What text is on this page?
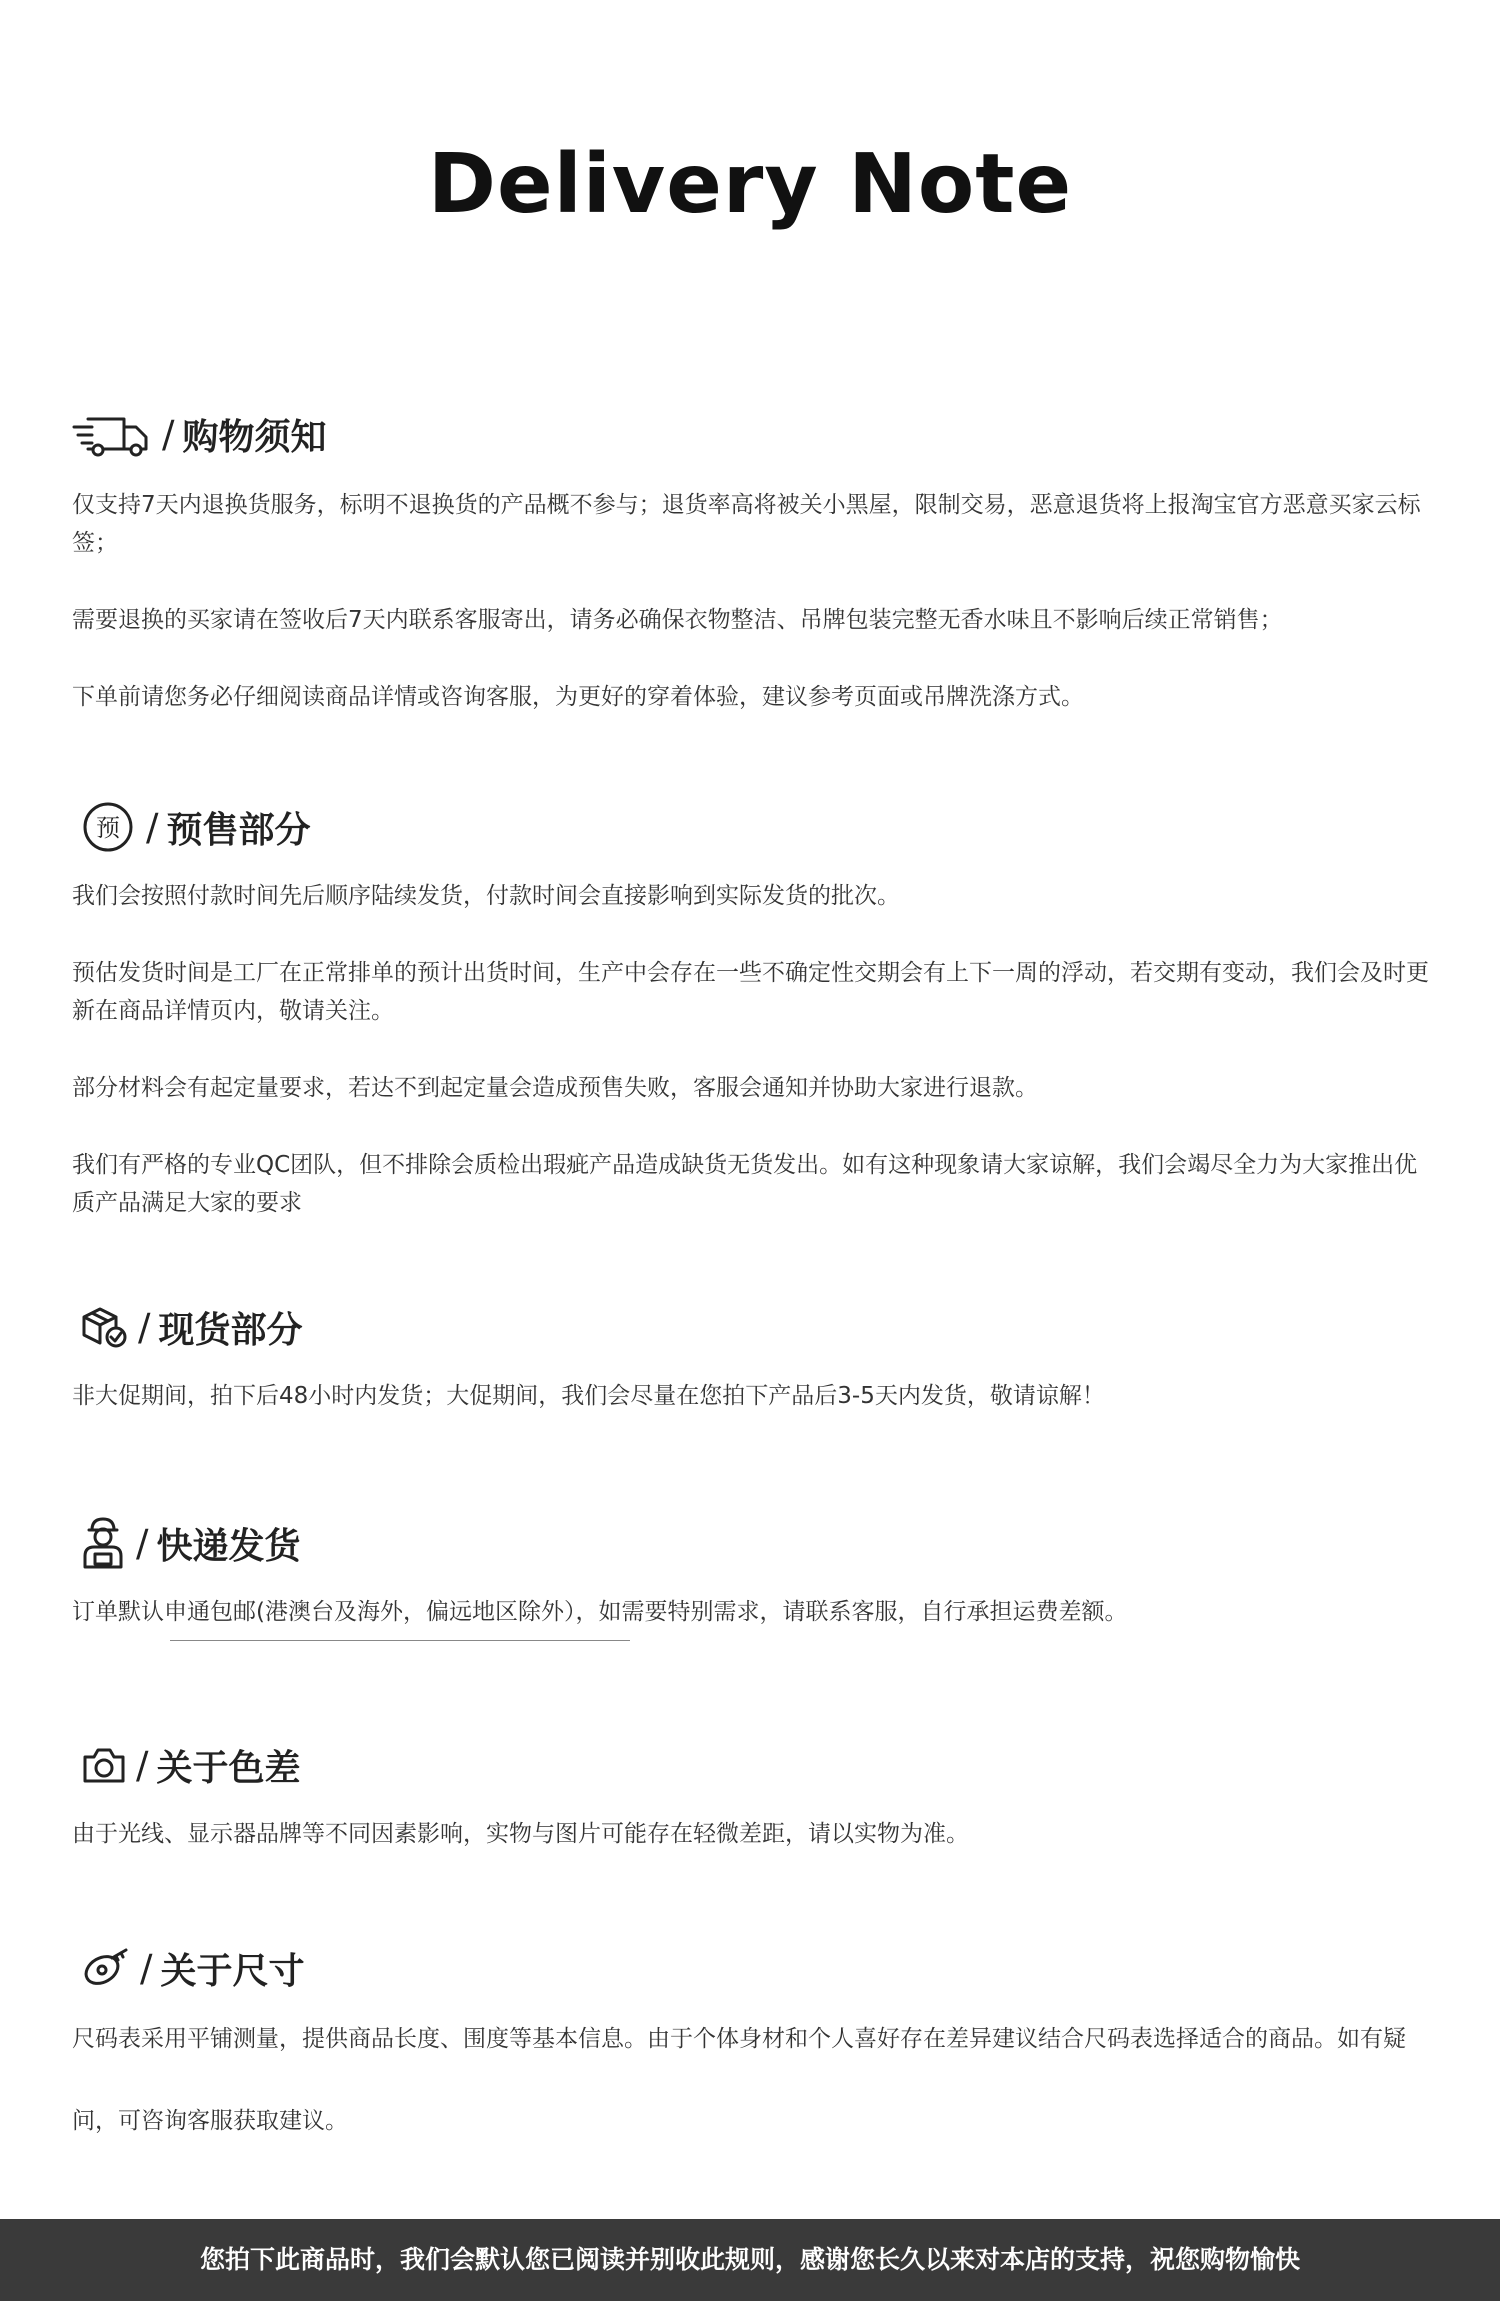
Delivery Note
/ 购物须知

仅支持7天内退换货服务，标明不退换货的产品概不参与；退货率高将被关小黑屋，限制交易，恶意退货将上报淘宝官方恶意买家云标签；

需要退换的买家请在签收后7天内联系客服寄出，请务必确保衣物整洁、吊牌包装完整无香水味且不影响后续正常销售；

下单前请您务必仔细阅读商品详情或咨询客服，为更好的穿着体验，建议参考页面或吊牌洗涤方式。

预 / 预售部分

我们会按照付款时间先后顺序陆续发货，付款时间会直接影响到实际发货的批次。

预估发货时间是工厂在正常排单的预计出货时间，生产中会存在一些不确定性交期会有上下一周的浮动，若交期有变动，我们会及时更新在商品详情页内，敬请关注。

部分材料会有起定量要求，若达不到起定量会造成预售失败，客服会通知并协助大家进行退款。

我们有严格的专业QC团队，但不排除会质检出瑕疵产品造成缺货无货发出。如有这种现象请大家谅解，我们会竭尽全力为大家推出优质产品满足大家的要求

/ 现货部分

非大促期间，拍下后48小时内发货；大促期间，我们会尽量在您拍下产品后3-5天内发货，敬请谅解！

/ 快递发货

订单默认申通包邮(港澳台及海外，偏远地区除外），如需要特别需求，请联系客服，自行承担运费差额。

/ 关于色差

由于光线、显示器品牌等不同因素影响，实物与图片可能存在轻微差距，请以实物为准。

/ 关于尺寸

尺码表采用平铺测量，提供商品长度、围度等基本信息。由于个体身材和个人喜好存在差异建议结合尺码表选择适合的商品。如有疑问，可咨询客服获取建议。

您拍下此商品时，我们会默认您已阅读并别收此规则，感谢您长久以来对本店的支持，祝您购物愉快
